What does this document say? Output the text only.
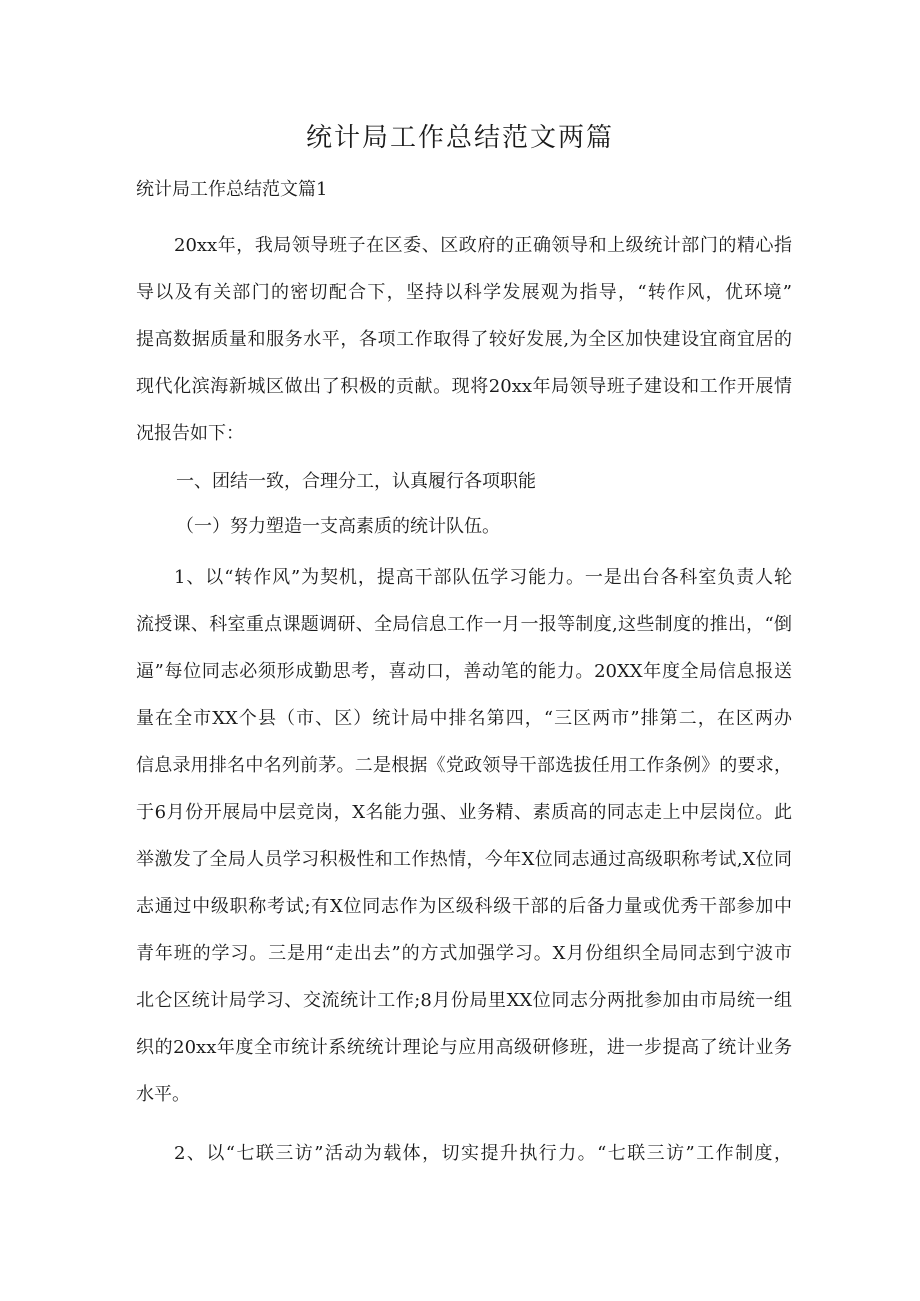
统计局工作总结范文两篇

统计局工作总结范文篇1

20xx年，我局领导班子在区委、区政府的正确领导和上级统计部门的精心指
导以及有关部门的密切配合下，坚持以科学发展观为指导，“转作风，优环境”
提高数据质量和服务水平，各项工作取得了较好发展,为全区加快建设宜商宜居的
现代化滨海新城区做出了积极的贡献。现将20xx年局领导班子建设和工作开展情
况报告如下：

一、团结一致，合理分工，认真履行各项职能

（一）努力塑造一支高素质的统计队伍。

1、以“转作风”为契机，提高干部队伍学习能力。一是出台各科室负责人轮
流授课、科室重点课题调研、全局信息工作一月一报等制度,这些制度的推出，“倒
逼”每位同志必须形成勤思考，喜动口，善动笔的能力。20XX年度全局信息报送
量在全市XX个县（市、区）统计局中排名第四，“三区两市”排第二，在区两办
信息录用排名中名列前茅。二是根据《党政领导干部选拔任用工作条例》的要求，
于6月份开展局中层竞岗，X名能力强、业务精、素质高的同志走上中层岗位。此
举激发了全局人员学习积极性和工作热情，今年X位同志通过高级职称考试,X位同
志通过中级职称考试;有X位同志作为区级科级干部的后备力量或优秀干部参加中
青年班的学习。三是用“走出去”的方式加强学习。X月份组织全局同志到宁波市
北仑区统计局学习、交流统计工作;8月份局里XX位同志分两批参加由市局统一组
织的20xx年度全市统计系统统计理论与应用高级研修班，进一步提高了统计业务
水平。
2、以“七联三访”活动为载体，切实提升执行力。“七联三访”工作制度，
